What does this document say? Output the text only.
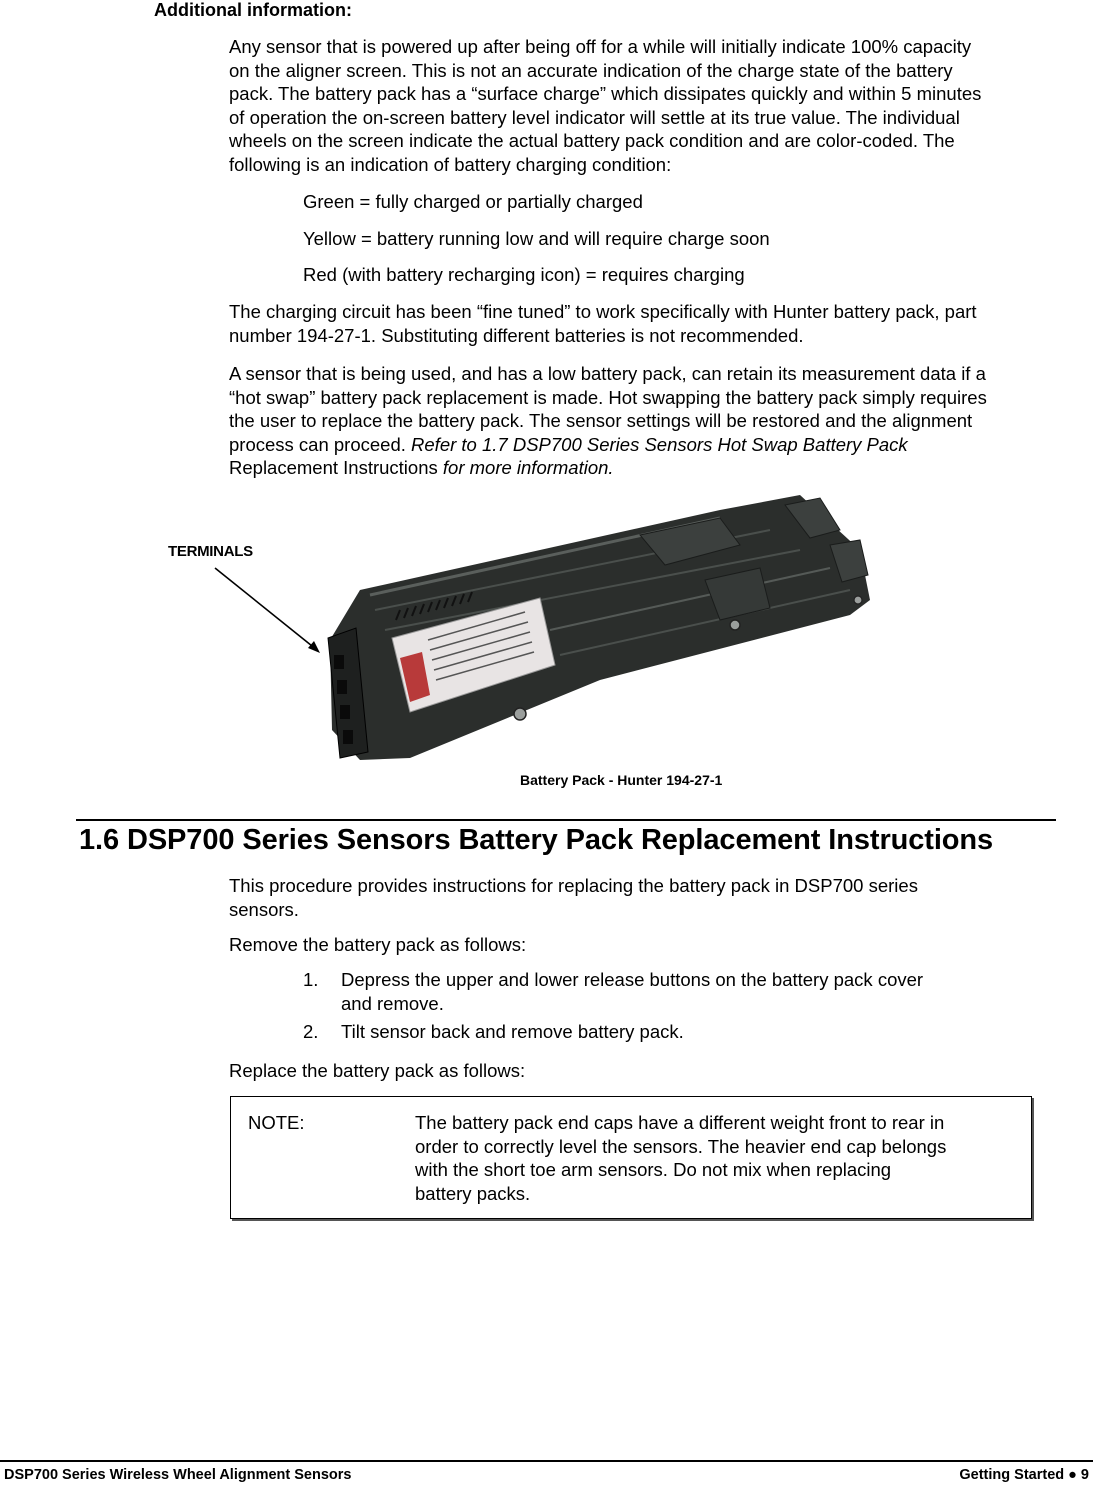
Additional information:
Any sensor that is powered up after being off for a while will initially indicate 100% capacity
on the aligner screen. This is not an accurate indication of the charge state of the battery
pack. The battery pack has a “surface charge” which dissipates quickly and within 5 minutes
of operation the on-screen battery level indicator will settle at its true value. The individual
wheels on the screen indicate the actual battery pack condition and are color-coded. The
following is an indication of battery charging condition:
Green = fully charged or partially charged
Yellow = battery running low and will require charge soon
Red (with battery recharging icon) = requires charging
The charging circuit has been “fine tuned” to work specifically with Hunter battery pack, part
number 194-27-1. Substituting different batteries is not recommended.
A sensor that is being used, and has a low battery pack, can retain its measurement data if a
“hot swap” battery pack replacement is made. Hot swapping the battery pack simply requires
the user to replace the battery pack. The sensor settings will be restored and the alignment
process can proceed. Refer to 1.7 DSP700 Series Sensors Hot Swap Battery Pack
Replacement Instructions for more information.
TERMINALS
Battery Pack - Hunter 194-27-1
1.6 DSP700 Series Sensors Battery Pack Replacement Instructions
This procedure provides instructions for replacing the battery pack in DSP700 series
sensors.
Remove the battery pack as follows:
1.	Depress the upper and lower release buttons on the battery pack cover
and remove.
2.	Tilt sensor back and remove battery pack.
Replace the battery pack as follows:
NOTE:	The battery pack end caps have a different weight front to rear in
order to correctly level the sensors. The heavier end cap belongs
with the short toe arm sensors. Do not mix when replacing
battery packs.
DSP700 Series Wireless Wheel Alignment Sensors	Getting Started ● 9
